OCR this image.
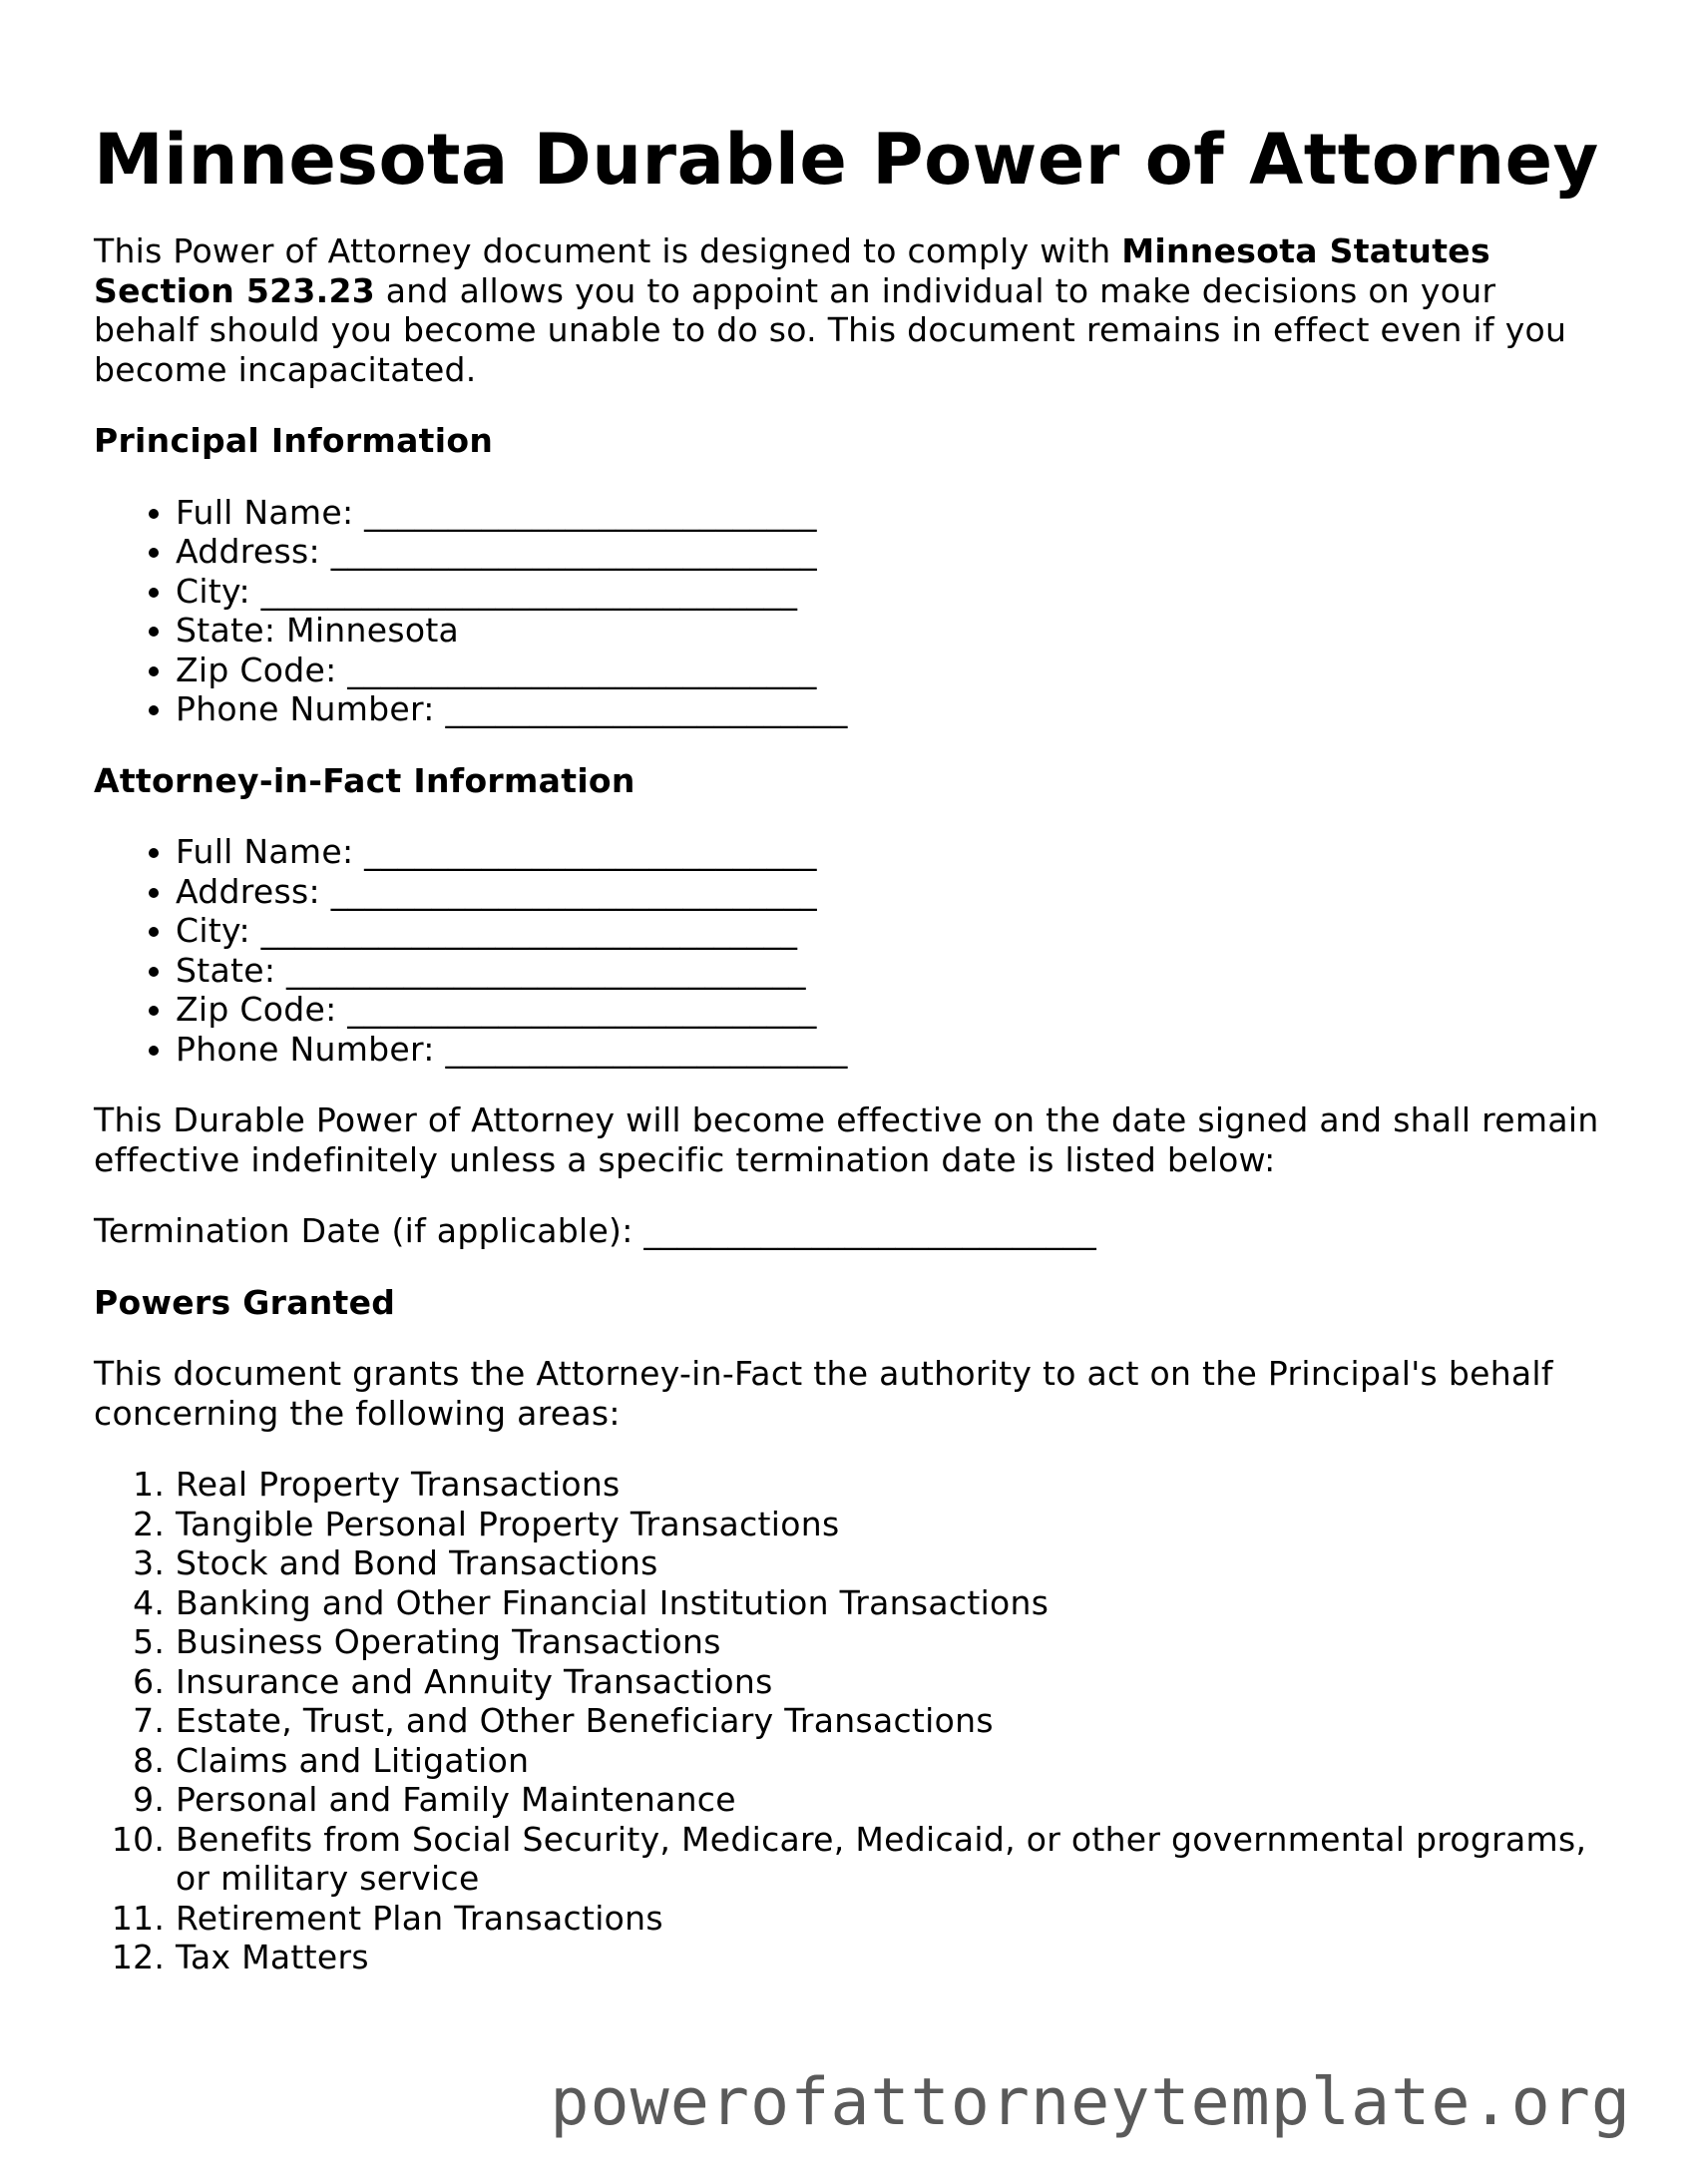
Minnesota Durable Power of Attorney

This Power of Attorney document is designed to comply with Minnesota Statutes Section 523.23 and allows you to appoint an individual to make decisions on your behalf should you become unable to do so. This document remains in effect even if you become incapacitated.

Principal Information
• Full Name: ___________________________
• Address: _____________________________
• City: ________________________________
• State: Minnesota
• Zip Code: ____________________________
• Phone Number: ________________________
Attorney-in-Fact Information
• Full Name: ___________________________
• Address: _____________________________
• City: ________________________________
• State: _______________________________
• Zip Code: ____________________________
• Phone Number: ________________________

This Durable Power of Attorney will become effective on the date signed and shall remain effective indefinitely unless a specific termination date is listed below:

Termination Date (if applicable): ___________________________

Powers Granted

This document grants the Attorney-in-Fact the authority to act on the Principal's behalf concerning the following areas:

1. Real Property Transactions
2. Tangible Personal Property Transactions
3. Stock and Bond Transactions
4. Banking and Other Financial Institution Transactions
5. Business Operating Transactions
6. Insurance and Annuity Transactions
7. Estate, Trust, and Other Beneficiary Transactions
8. Claims and Litigation
9. Personal and Family Maintenance
10. Benefits from Social Security, Medicare, Medicaid, or other governmental programs, or military service
11. Retirement Plan Transactions
12. Tax Matters
powerofattorneytemplate.org
